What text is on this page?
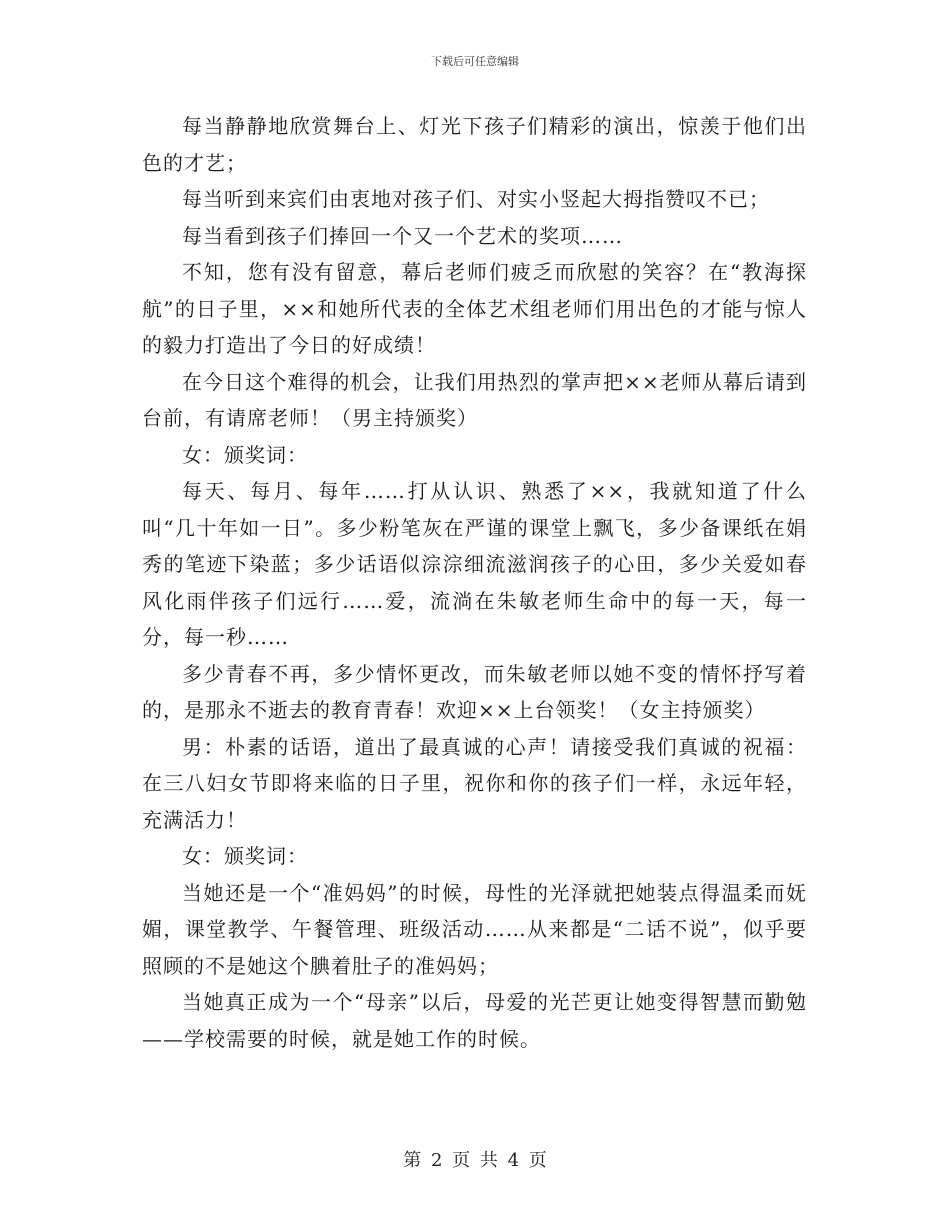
下载后可任意编辑

每当静静地欣赏舞台上、灯光下孩子们精彩的演出，惊羡于他们出色的才艺；

每当听到来宾们由衷地对孩子们、对实小竖起大拇指赞叹不已；

每当看到孩子们捧回一个又一个艺术的奖项……

不知，您有没有留意，幕后老师们疲乏而欣慰的笑容？在“教海探航”的日子里，××和她所代表的全体艺术组老师们用出色的才能与惊人的毅力打造出了今日的好成绩！

在今日这个难得的机会，让我们用热烈的掌声把××老师从幕后请到台前，有请席老师！（男主持颁奖）

女：颁奖词：

每天、每月、每年……打从认识、熟悉了××，我就知道了什么叫“几十年如一日”。多少粉笔灰在严谨的课堂上飘飞，多少备课纸在娟秀的笔迹下染蓝；多少话语似淙淙细流滋润孩子的心田，多少关爱如春风化雨伴孩子们远行……爱，流淌在朱敏老师生命中的每一天，每一分，每一秒……

多少青春不再，多少情怀更改，而朱敏老师以她不变的情怀抒写着的，是那永不逝去的教育青春！欢迎××上台领奖！（女主持颁奖）

男：朴素的话语，道出了最真诚的心声！请接受我们真诚的祝福：在三八妇女节即将来临的日子里，祝你和你的孩子们一样，永远年轻，充满活力！

女：颁奖词：

当她还是一个“准妈妈”的时候，母性的光泽就把她装点得温柔而妩媚，课堂教学、午餐管理、班级活动……从来都是“二话不说”，似乎要照顾的不是她这个腆着肚子的准妈妈；

当她真正成为一个“母亲”以后，母爱的光芒更让她变得智慧而勤勉——学校需要的时候，就是她工作的时候。

第 2 页 共 4 页
